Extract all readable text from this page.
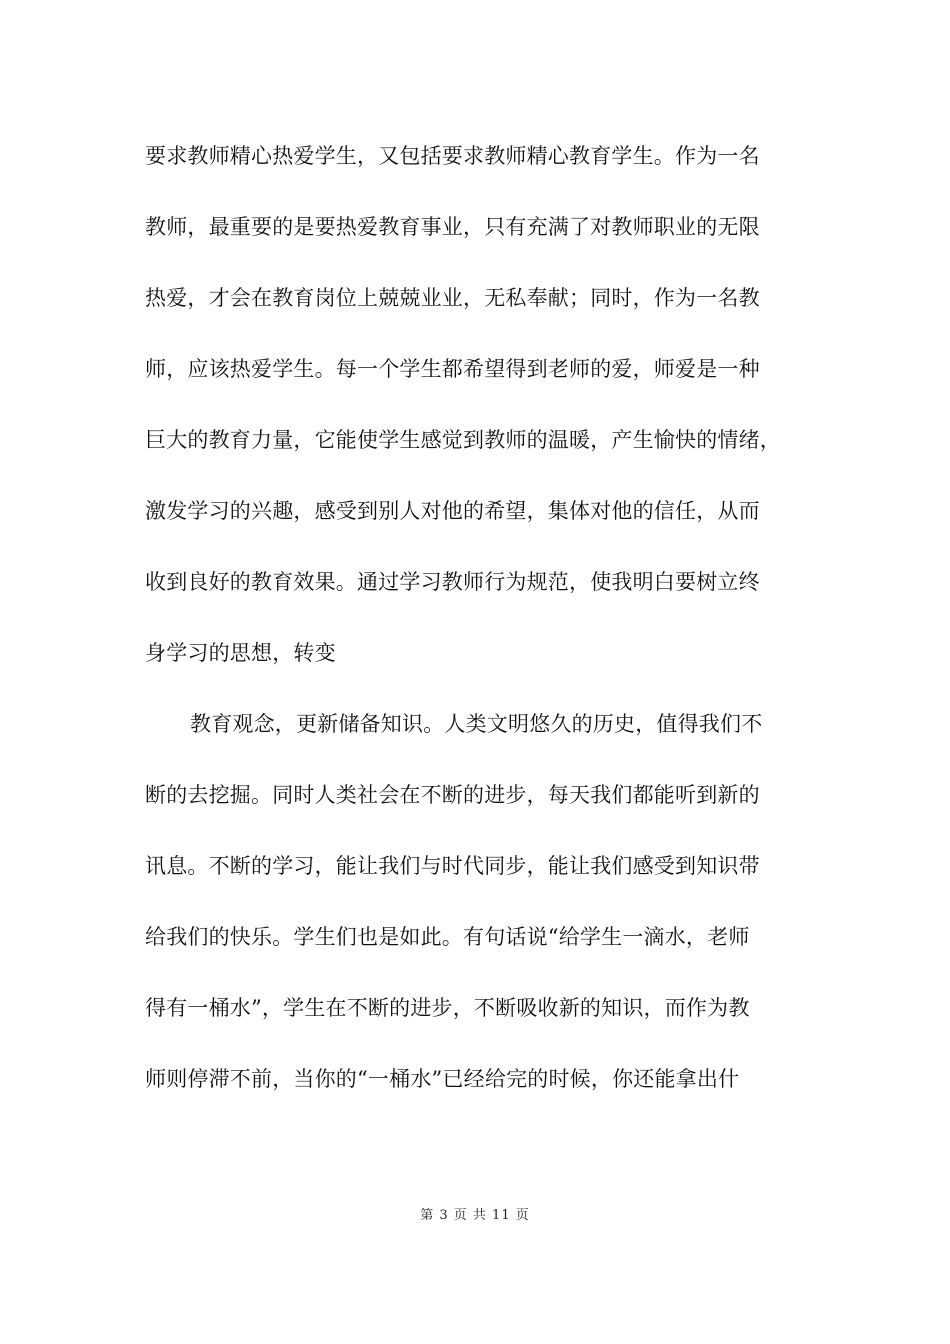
要求教师精心热爱学生，又包括要求教师精心教育学生。作为一名
教师，最重要的是要热爱教育事业，只有充满了对教师职业的无限
热爱，才会在教育岗位上兢兢业业，无私奉献；同时，作为一名教
师，应该热爱学生。每一个学生都希望得到老师的爱，师爱是一种
巨大的教育力量，它能使学生感觉到教师的温暖，产生愉快的情绪，
激发学习的兴趣，感受到别人对他的希望，集体对他的信任，从而
收到良好的教育效果。通过学习教师行为规范，使我明白要树立终
身学习的思想，转变
教育观念，更新储备知识。人类文明悠久的历史，值得我们不
断的去挖掘。同时人类社会在不断的进步，每天我们都能听到新的
讯息。不断的学习，能让我们与时代同步，能让我们感受到知识带
给我们的快乐。学生们也是如此。有句话说“给学生一滴水，老师
得有一桶水”，学生在不断的进步，不断吸收新的知识，而作为教
师则停滞不前，当你的“一桶水”已经给完的时候，你还能拿出什
第 3 页 共 11 页
